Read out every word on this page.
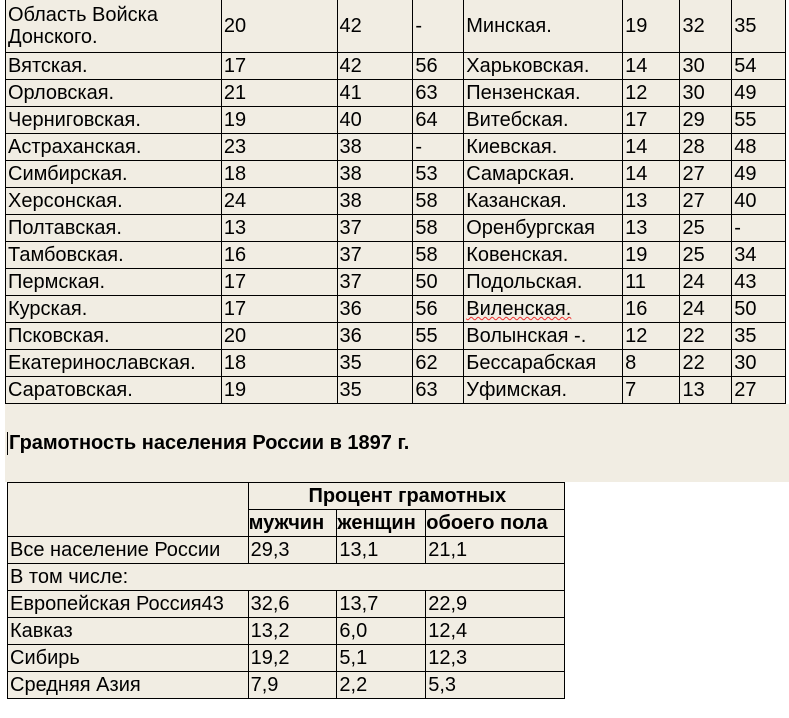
Область Войска Донского.	20	42	-	Минская.	19	32	35
Вятская.	17	42	56	Харьковская.	14	30	54
Орловская.	21	41	63	Пензенская.	12	30	49
Черниговская.	19	40	64	Витебская.	17	29	55
Астраханская.	23	38	-	Киевская.	14	28	48
Симбирская.	18	38	53	Самарская.	14	27	49
Херсонская.	24	38	58	Казанская.	13	27	40
Полтавская.	13	37	58	Оренбургская	13	25	-
Тамбовская.	16	37	58	Ковенская.	19	25	34
Пермская.	17	37	50	Подольская.	11	24	43
Курская.	17	36	56	Виленская.	16	24	50
Псковская.	20	36	55	Волынская -.	12	22	35
Екатеринославская.	18	35	62	Бессарабская	8	22	30
Саратовская.	19	35	63	Уфимская.	7	13	27
Грамотность населения России в 1897 г.
	Процент грамотных		
	мужчин	женщин	обоего пола
Все население России	29,3	13,1	21,1
В том числе:			
Европейская Россия43	32,6	13,7	22,9
Кавказ	13,2	6,0	12,4
Сибирь	19,2	5,1	12,3
Средняя Азия	7,9	2,2	5,3
